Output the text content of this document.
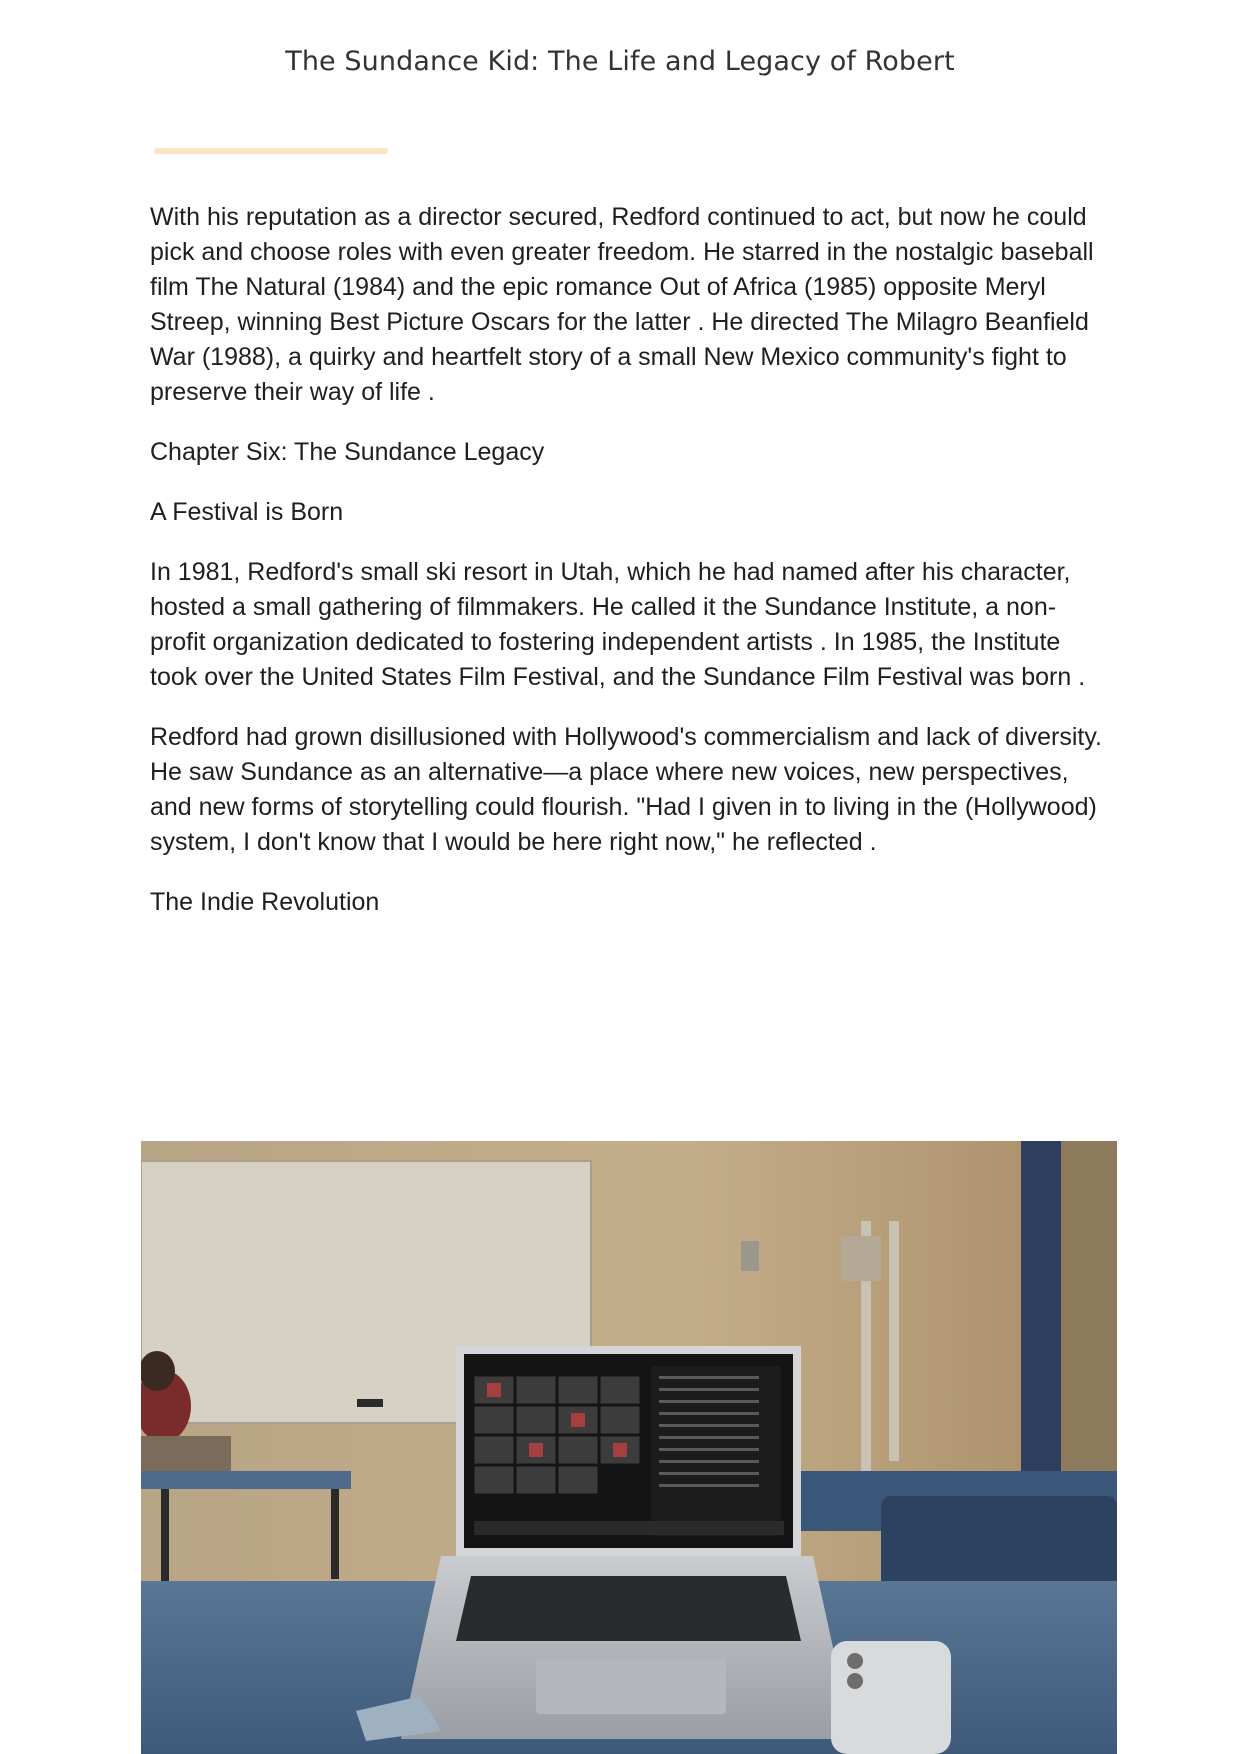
The Sundance Kid: The Life and Legacy of Robert

With his reputation as a director secured, Redford continued to act, but now he could pick and choose roles with even greater freedom. He starred in the nostalgic baseball film The Natural (1984) and the epic romance Out of Africa (1985) opposite Meryl Streep, winning Best Picture Oscars for the latter . He directed The Milagro Beanfield War (1988), a quirky and heartfelt story of a small New Mexico community's fight to preserve their way of life .

Chapter Six: The Sundance Legacy

A Festival is Born

In 1981, Redford's small ski resort in Utah, which he had named after his character, hosted a small gathering of filmmakers. He called it the Sundance Institute, a non-profit organization dedicated to fostering independent artists . In 1985, the Institute took over the United States Film Festival, and the Sundance Film Festival was born .

Redford had grown disillusioned with Hollywood's commercialism and lack of diversity. He saw Sundance as an alternative—a place where new voices, new perspectives, and new forms of storytelling could flourish. "Had I given in to living in the (Hollywood) system, I don't know that I would be here right now," he reflected .

The Indie Revolution
